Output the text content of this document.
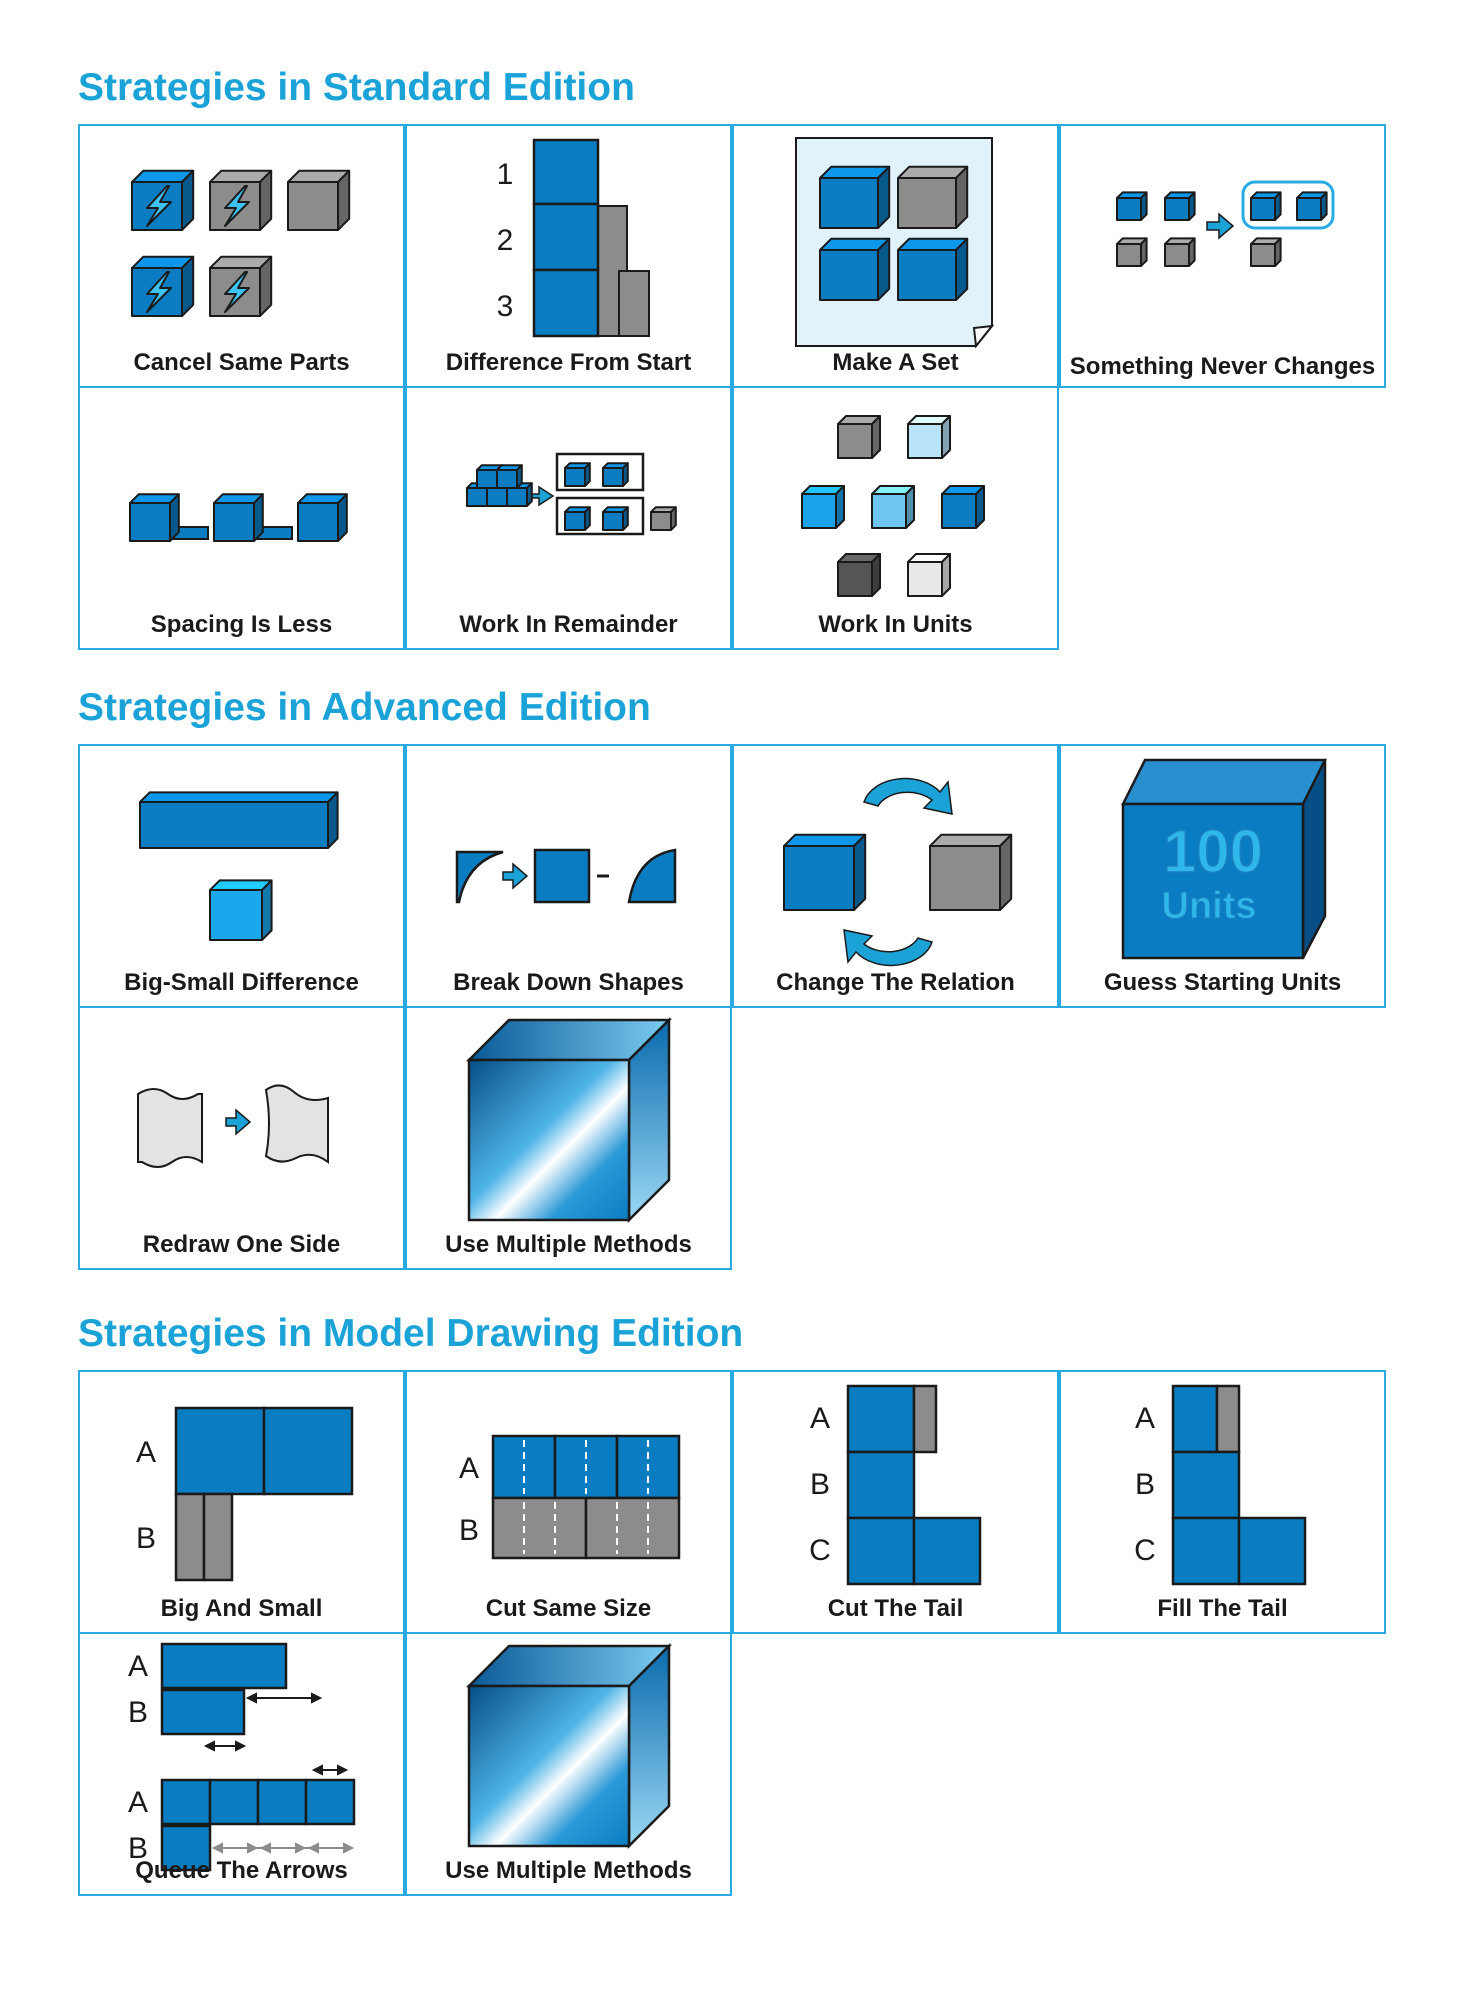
Strategies in Standard Edition
Cancel Same Parts
1
2
3
Difference From Start	Make A Set	Something Never Changes
Spacing Is Less	Work In Remainder	Work In Units
Strategies in Advanced Edition
Big-Small Difference	Break Down Shapes	Change The Relation
100
Units
Guess Starting Units
Redraw One Side	Use Multiple Methods
Strategies in Model Drawing Edition
A
B
Big And Small
A
B
Cut Same Size
A
B
C
Cut The Tail
A
B
C
Fill The Tail
A
B
A
B
Queue The Arrows	Use Multiple Methods
